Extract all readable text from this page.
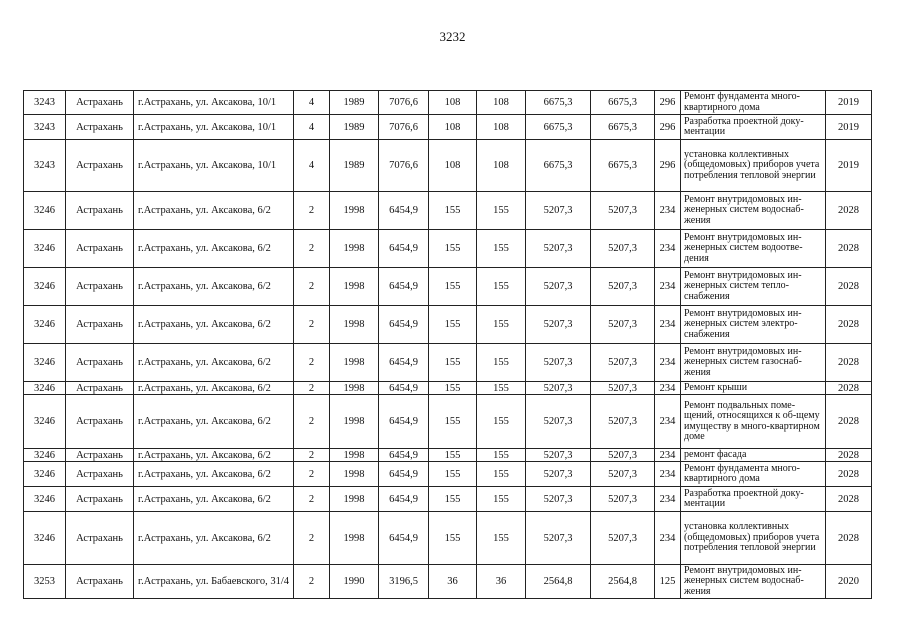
3232
3243	Астрахань	г.Астрахань, ул. Аксакова, 10/1	4	1989	7076,6	108	108	6675,3	6675,3	296	Ремонт фундамента много-квартирного дома	2019
3243	Астрахань	г.Астрахань, ул. Аксакова, 10/1	4	1989	7076,6	108	108	6675,3	6675,3	296	Разработка проектной доку-ментации	2019
3243	Астрахань	г.Астрахань, ул. Аксакова, 10/1	4	1989	7076,6	108	108	6675,3	6675,3	296	установка коллективных (общедомовых) приборов учета потребления тепловой энергии	2019
3246	Астрахань	г.Астрахань, ул. Аксакова, 6/2	2	1998	6454,9	155	155	5207,3	5207,3	234	Ремонт внутридомовых ин-женерных систем водоснаб-жения	2028
3246	Астрахань	г.Астрахань, ул. Аксакова, 6/2	2	1998	6454,9	155	155	5207,3	5207,3	234	Ремонт внутридомовых ин-женерных систем водоотве-дения	2028
3246	Астрахань	г.Астрахань, ул. Аксакова, 6/2	2	1998	6454,9	155	155	5207,3	5207,3	234	Ремонт внутридомовых ин-женерных систем тепло-снабжения	2028
3246	Астрахань	г.Астрахань, ул. Аксакова, 6/2	2	1998	6454,9	155	155	5207,3	5207,3	234	Ремонт внутридомовых ин-женерных систем электро-снабжения	2028
3246	Астрахань	г.Астрахань, ул. Аксакова, 6/2	2	1998	6454,9	155	155	5207,3	5207,3	234	Ремонт внутридомовых ин-женерных систем газоснаб-жения	2028
3246	Астрахань	г.Астрахань, ул. Аксакова, 6/2	2	1998	6454,9	155	155	5207,3	5207,3	234	Ремонт крыши	2028
3246	Астрахань	г.Астрахань, ул. Аксакова, 6/2	2	1998	6454,9	155	155	5207,3	5207,3	234	Ремонт подвальных поме-щений, относящихся к об-щему имуществу в много-квартирном доме	2028
3246	Астрахань	г.Астрахань, ул. Аксакова, 6/2	2	1998	6454,9	155	155	5207,3	5207,3	234	ремонт фасада	2028
3246	Астрахань	г.Астрахань, ул. Аксакова, 6/2	2	1998	6454,9	155	155	5207,3	5207,3	234	Ремонт фундамента много-квартирного дома	2028
3246	Астрахань	г.Астрахань, ул. Аксакова, 6/2	2	1998	6454,9	155	155	5207,3	5207,3	234	Разработка проектной доку-ментации	2028
3246	Астрахань	г.Астрахань, ул. Аксакова, 6/2	2	1998	6454,9	155	155	5207,3	5207,3	234	установка коллективных (общедомовых) приборов учета потребления тепловой энергии	2028
3253	Астрахань	г.Астрахань, ул. Бабаевского, 31/4	2	1990	3196,5	36	36	2564,8	2564,8	125	Ремонт внутридомовых ин-женерных систем водоснаб-жения	2020
